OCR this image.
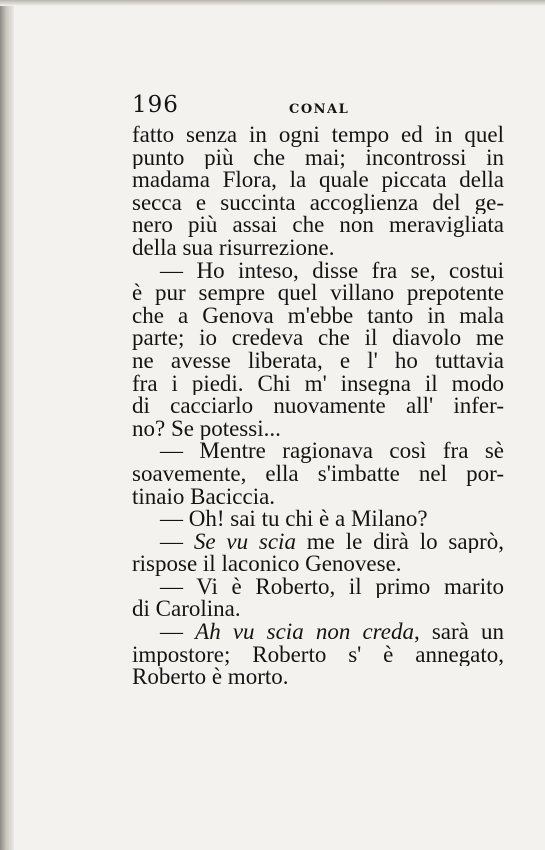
196	CONAL
fatto senza in ogni tempo ed in quel
punto più che mai; incontrossi in
madama Flora, la quale piccata della
secca e succinta accoglienza del ge-
nero più assai che non meravigliata
della sua risurrezione.
— Ho inteso, disse fra se, costui
è pur sempre quel villano prepotente
che a Genova m'ebbe tanto in mala
parte; io credeva che il diavolo me
ne avesse liberata, e l' ho tuttavia
fra i piedi. Chi m' insegna il modo
di cacciarlo nuovamente all' infer-
no? Se potessi...
— Mentre ragionava così fra sè
soavemente, ella s'imbatte nel por-
tinaio Baciccia.
— Oh! sai tu chi è a Milano?
— Se vu scia me le dirà lo saprò,
rispose il laconico Genovese.
— Vi è Roberto, il primo marito
di Carolina.
— Ah vu scia non creda, sarà un
impostore; Roberto s' è annegato,
Roberto è morto.
